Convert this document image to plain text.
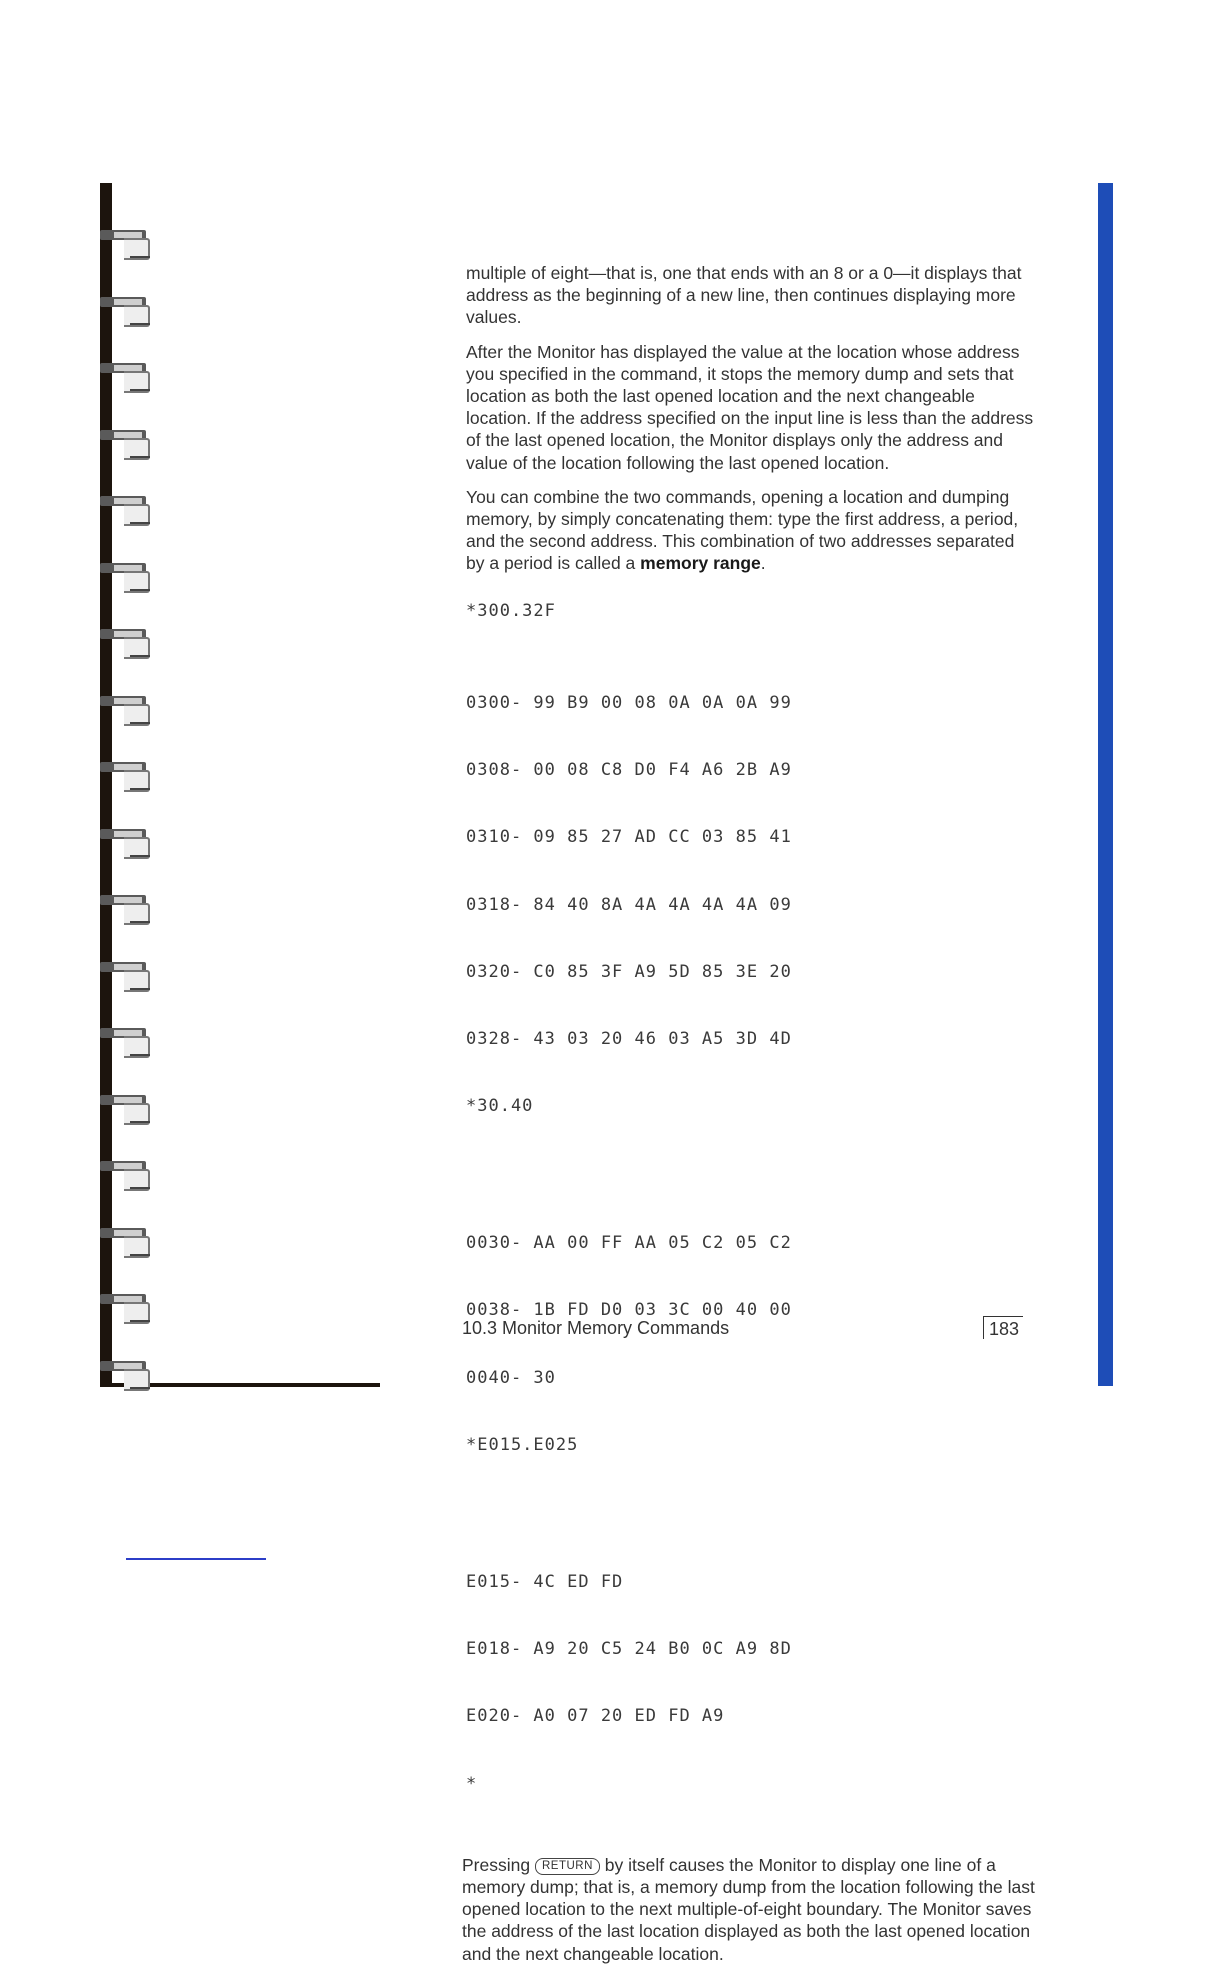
multiple of eight—that is, one that ends with an 8 or a 0—it displays that address as the beginning of a new line, then continues displaying more values.

After the Monitor has displayed the value at the location whose address you specified in the command, it stops the memory dump and sets that location as both the last opened location and the next changeable location. If the address specified on the input line is less than the address of the last opened location, the Monitor displays only the address and value of the location following the last opened location.

You can combine the two commands, opening a location and dumping memory, by simply concatenating them: type the first address, a period, and the second address. This combination of two addresses separated by a period is called a memory range.

*300.32F

0300- 99 B9 00 08 0A 0A 0A 99

0308- 00 08 C8 D0 F4 A6 2B A9

0310- 09 85 27 AD CC 03 85 41

0318- 84 40 8A 4A 4A 4A 4A 09

0320- C0 85 3F A9 5D 85 3E 20

0328- 43 03 20 46 03 A5 3D 4D

*30.40

0030- AA 00 FF AA 05 C2 05 C2

0038- 1B FD D0 03 3C 00 40 00

0040- 30

*E015.E025

E015- 4C ED FD

E018- A9 20 C5 24 B0 0C A9 8D

E020- A0 07 20 ED FD A9

*

Pressing RETURN by itself causes the Monitor to display one line of a memory dump; that is, a memory dump from the location following the last opened location to the next multiple-of-eight boundary. The Monitor saves the address of the last location displayed as both the last opened location and the next changeable location.

10.3 Monitor Memory Commands	183
